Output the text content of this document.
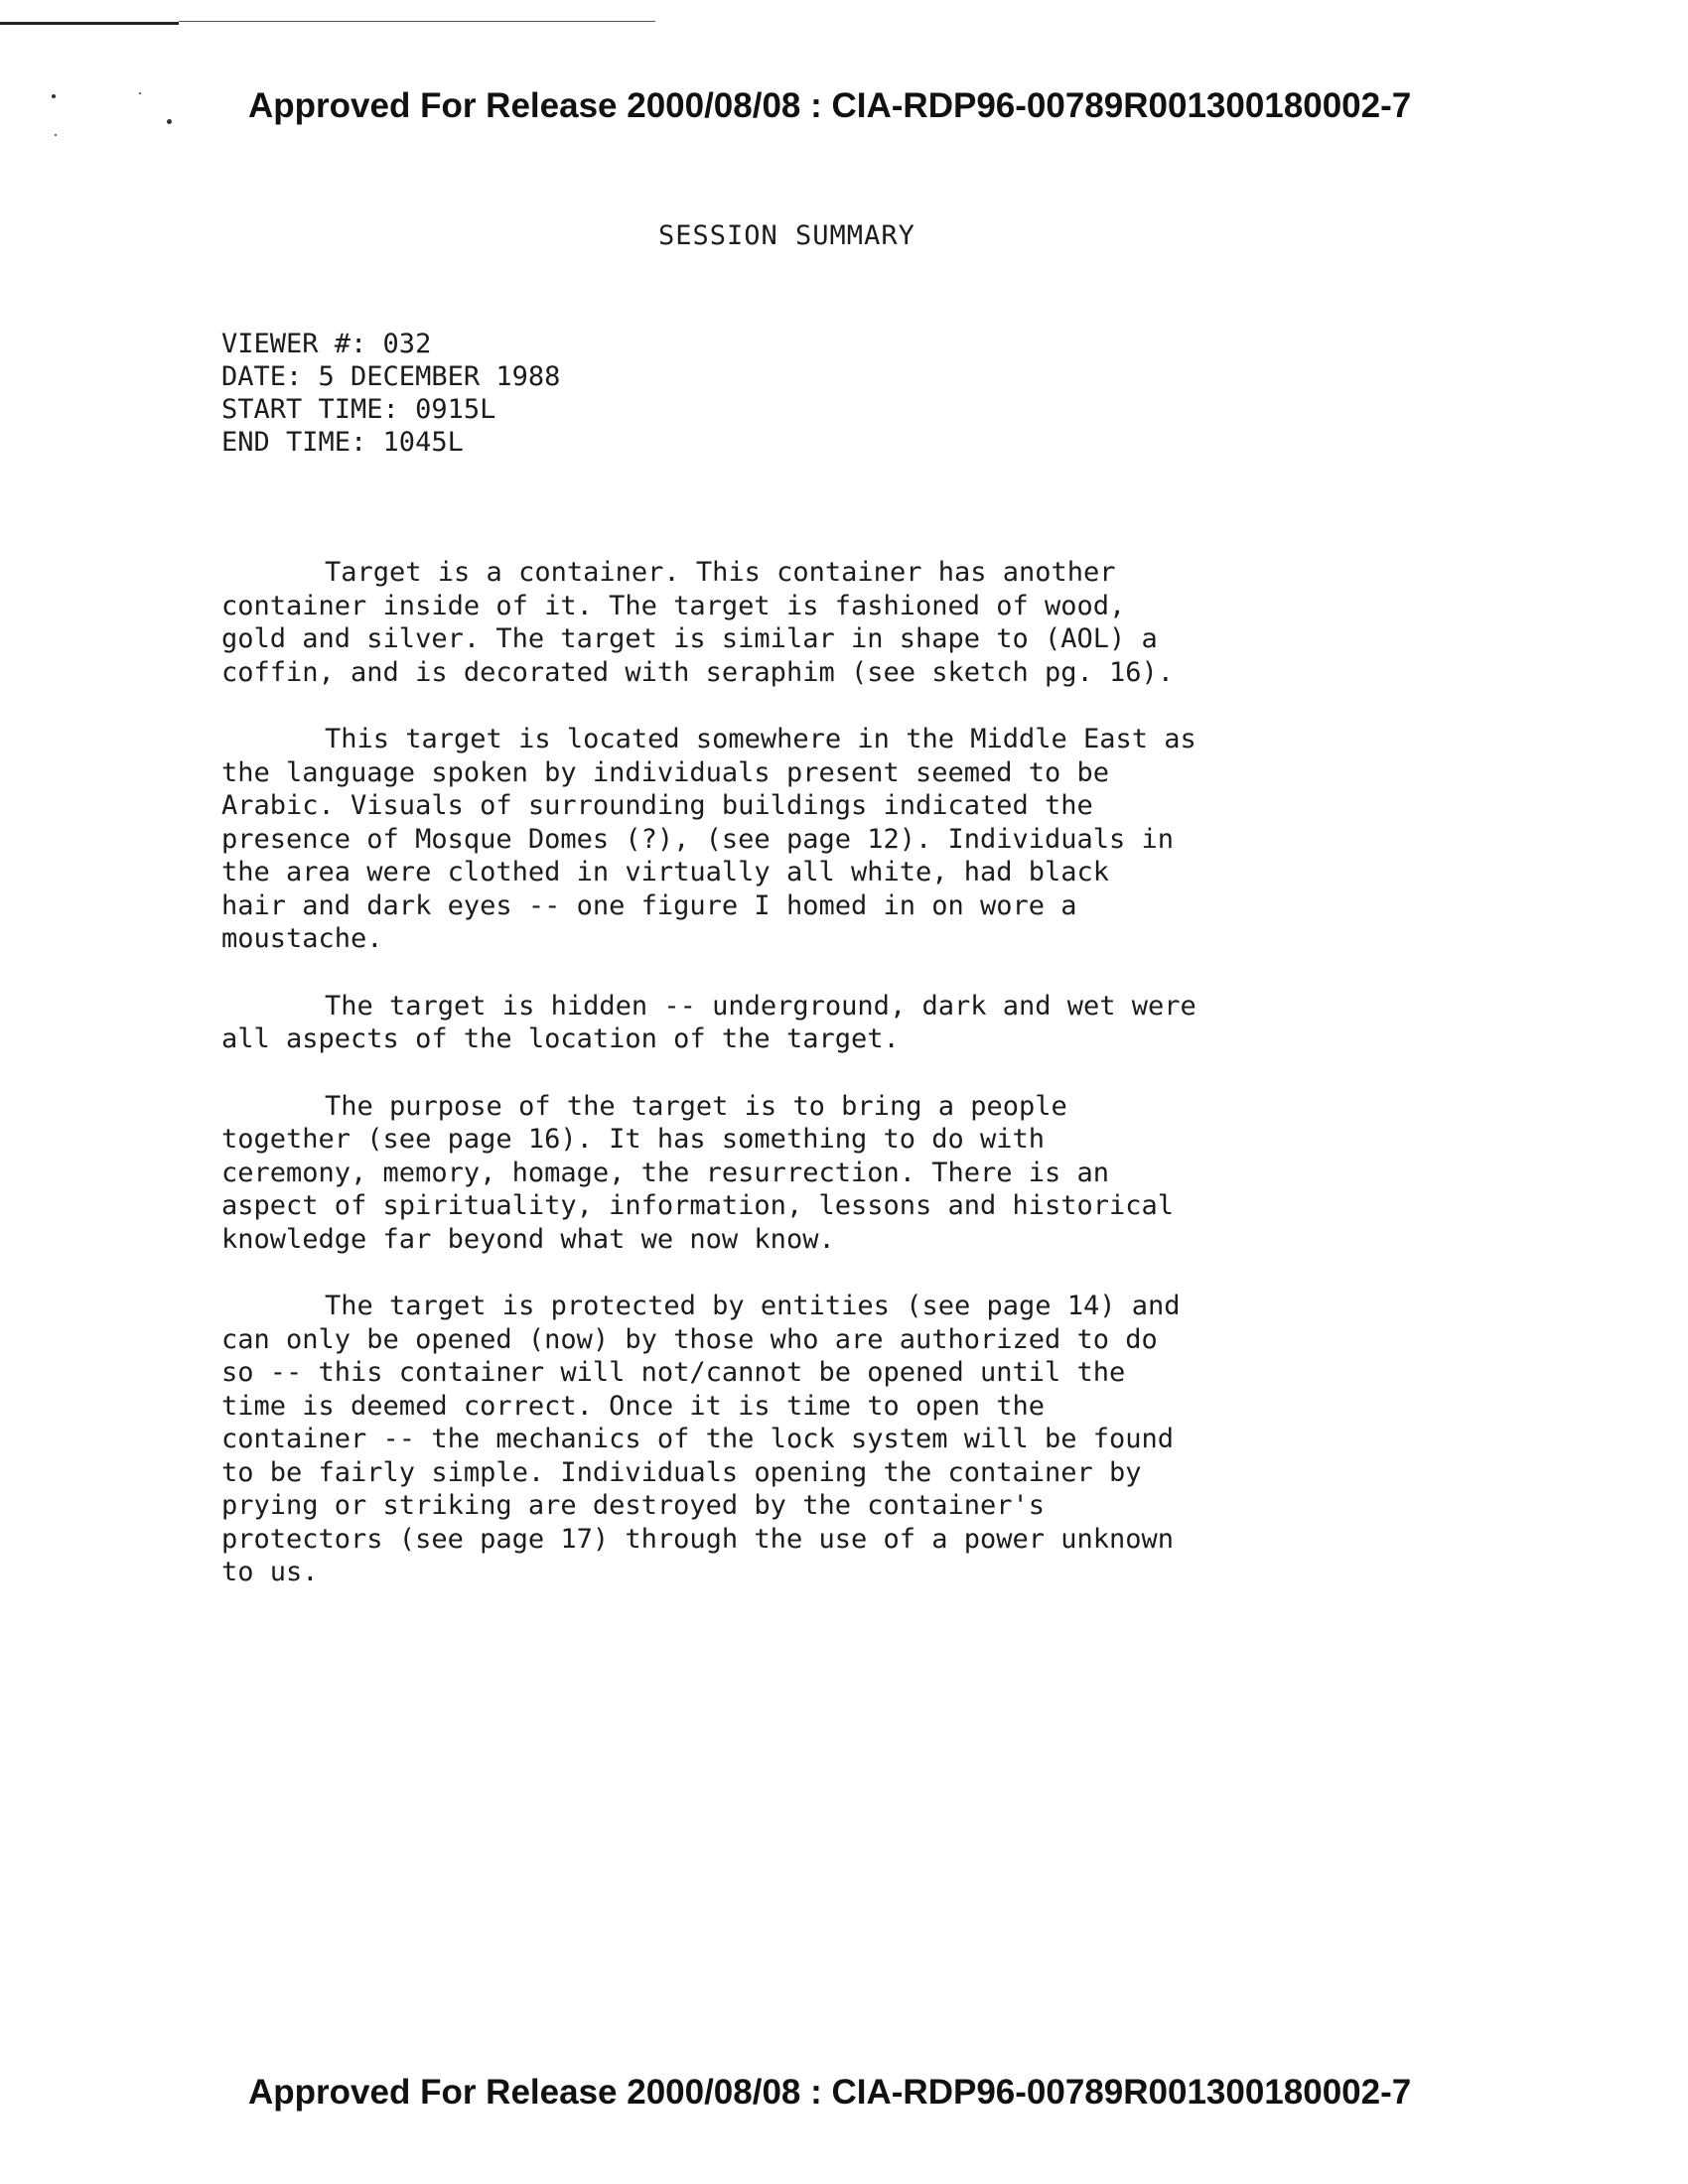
Approved For Release 2000/08/08 : CIA-RDP96-00789R001300180002-7
SESSION SUMMARY
VIEWER #: 032
DATE: 5 DECEMBER 1988
START TIME: 0915L
END TIME: 1045L
Target is a container. This container has another
container inside of it. The target is fashioned of wood,
gold and silver. The target is similar in shape to (AOL) a
coffin, and is decorated with seraphim (see sketch pg. 16).
This target is located somewhere in the Middle East as
the language spoken by individuals present seemed to be
Arabic. Visuals of surrounding buildings indicated the
presence of Mosque Domes (?), (see page 12). Individuals in
the area were clothed in virtually all white, had black
hair and dark eyes -- one figure I homed in on wore a
moustache.
The target is hidden -- underground, dark and wet were
all aspects of the location of the target.
The purpose of the target is to bring a people
together (see page 16). It has something to do with
ceremony, memory, homage, the resurrection. There is an
aspect of spirituality, information, lessons and historical
knowledge far beyond what we now know.
The target is protected by entities (see page 14) and
can only be opened (now) by those who are authorized to do
so -- this container will not/cannot be opened until the
time is deemed correct. Once it is time to open the
container -- the mechanics of the lock system will be found
to be fairly simple. Individuals opening the container by
prying or striking are destroyed by the container's
protectors (see page 17) through the use of a power unknown
to us.
Approved For Release 2000/08/08 : CIA-RDP96-00789R001300180002-7
